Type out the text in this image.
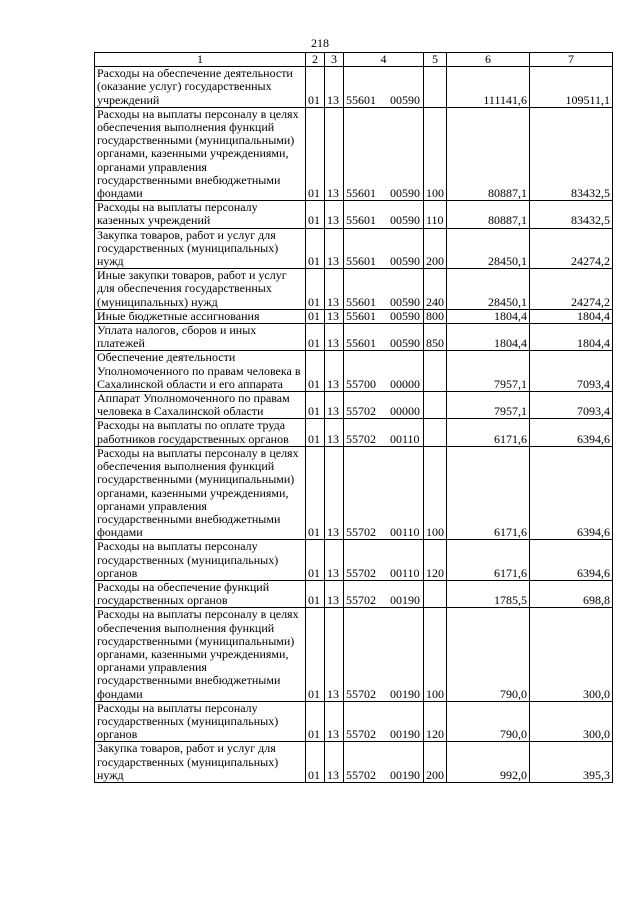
218
1	2	3	4	5	6	7
Расходы на обеспечение деятельности (оказание услуг) государственных учреждений	01	13	55601 00590		111141,6	109511,1
Расходы на выплаты персоналу в целях обеспечения выполнения функций государственными (муниципальными) органами, казенными учреждениями, органами управления государственными внебюджетными фондами	01	13	55601 00590	100	80887,1	83432,5
Расходы на выплаты персоналу казенных учреждений	01	13	55601 00590	110	80887,1	83432,5
Закупка товаров, работ и услуг для государственных (муниципальных) нужд	01	13	55601 00590	200	28450,1	24274,2
Иные закупки товаров, работ и услуг для обеспечения государственных (муниципальных) нужд	01	13	55601 00590	240	28450,1	24274,2
Иные бюджетные ассигнования	01	13	55601 00590	800	1804,4	1804,4
Уплата налогов, сборов и иных платежей	01	13	55601 00590	850	1804,4	1804,4
Обеспечение деятельности Уполномоченного по правам человека в Сахалинской области и его аппарата	01	13	55700 00000		7957,1	7093,4
Аппарат Уполномоченного по правам человека в Сахалинской области	01	13	55702 00000		7957,1	7093,4
Расходы на выплаты по оплате труда работников государственных органов	01	13	55702 00110		6171,6	6394,6
Расходы на выплаты персоналу в целях обеспечения выполнения функций государственными (муниципальными) органами, казенными учреждениями, органами управления государственными внебюджетными фондами	01	13	55702 00110	100	6171,6	6394,6
Расходы на выплаты персоналу государственных (муниципальных) органов	01	13	55702 00110	120	6171,6	6394,6
Расходы на обеспечение функций государственных органов	01	13	55702 00190		1785,5	698,8
Расходы на выплаты персоналу в целях обеспечения выполнения функций государственными (муниципальными) органами, казенными учреждениями, органами управления государственными внебюджетными фондами	01	13	55702 00190	100	790,0	300,0
Расходы на выплаты персоналу государственных (муниципальных) органов	01	13	55702 00190	120	790,0	300,0
Закупка товаров, работ и услуг для государственных (муниципальных) нужд	01	13	55702 00190	200	992,0	395,3
